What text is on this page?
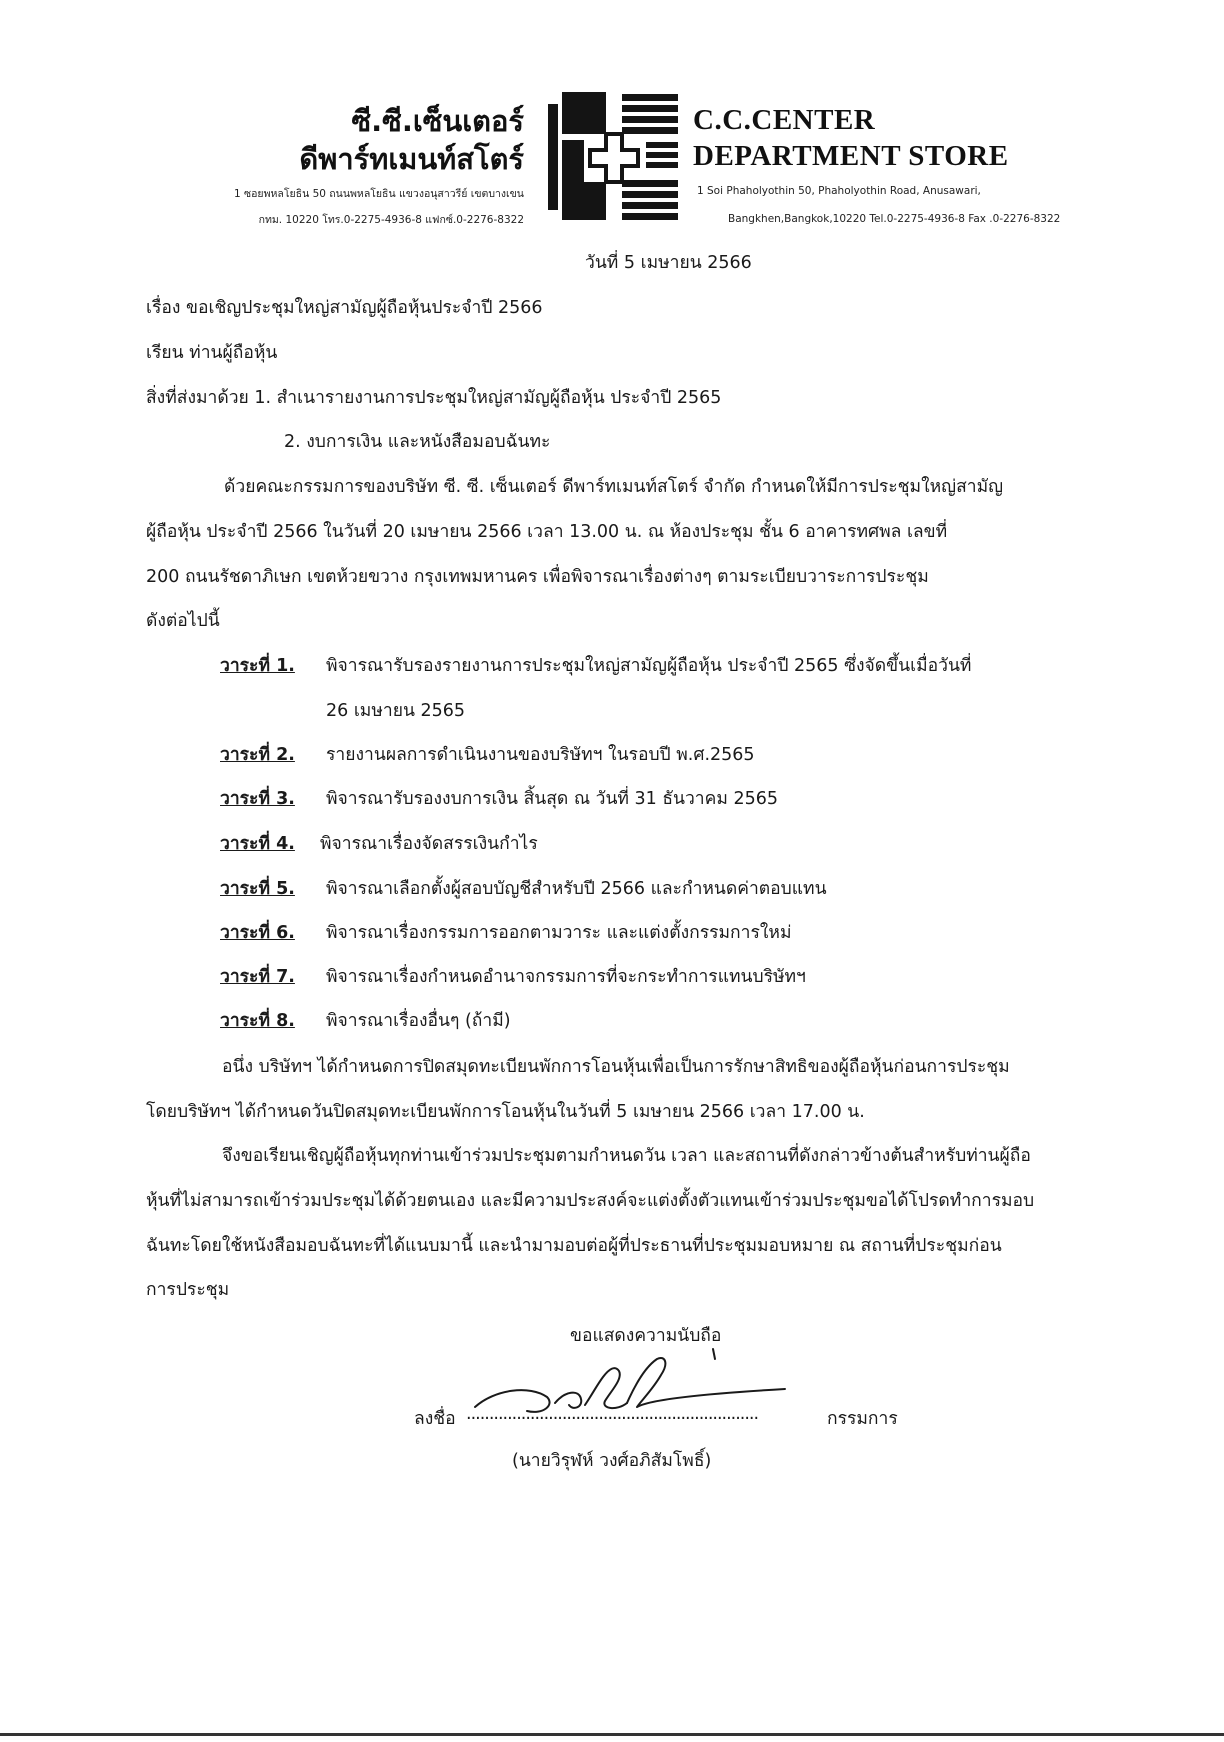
ซี.ซี.เซ็นเตอร์
ดีพาร์ทเมนท์สโตร์
1 ซอยพหลโยธิน 50 ถนนพหลโยธิน แขวงอนุสาวรีย์ เขตบางเขน
กทม. 10220 โทร.0-2275-4936-8 แฟกซ์.0-2276-8322
C.C.CENTER
DEPARTMENT STORE
1 Soi Phaholyothin 50, Phaholyothin Road, Anusawari,
Bangkhen,Bangkok,10220 Tel.0-2275-4936-8 Fax .0-2276-8322
วันที่ 5 เมษายน 2566
เรื่อง ขอเชิญประชุมใหญ่สามัญผู้ถือหุ้นประจำปี 2566
เรียน ท่านผู้ถือหุ้น
สิ่งที่ส่งมาด้วย 1. สำเนารายงานการประชุมใหญ่สามัญผู้ถือหุ้น ประจำปี 2565
2. งบการเงิน และหนังสือมอบฉันทะ
ด้วยคณะกรรมการของบริษัท ซี. ซี. เซ็นเตอร์ ดีพาร์ทเมนท์สโตร์ จำกัด กำหนดให้มีการประชุมใหญ่สามัญ
ผู้ถือหุ้น ประจำปี 2566 ในวันที่ 20 เมษายน 2566 เวลา 13.00 น. ณ ห้องประชุม ชั้น 6 อาคารทศพล เลขที่
200 ถนนรัชดาภิเษก เขตห้วยขวาง กรุงเทพมหานคร เพื่อพิจารณาเรื่องต่างๆ ตามระเบียบวาระการประชุม
ดังต่อไปนี้
วาระที่ 1. พิจารณารับรองรายงานการประชุมใหญ่สามัญผู้ถือหุ้น ประจำปี 2565 ซึ่งจัดขึ้นเมื่อวันที่
26 เมษายน 2565
วาระที่ 2. รายงานผลการดำเนินงานของบริษัทฯ ในรอบปี พ.ศ.2565
วาระที่ 3. พิจารณารับรองงบการเงิน สิ้นสุด ณ วันที่ 31 ธันวาคม 2565
วาระที่ 4. พิจารณาเรื่องจัดสรรเงินกำไร
วาระที่ 5. พิจารณาเลือกตั้งผู้สอบบัญชีสำหรับปี 2566 และกำหนดค่าตอบแทน
วาระที่ 6. พิจารณาเรื่องกรรมการออกตามวาระ และแต่งตั้งกรรมการใหม่
วาระที่ 7. พิจารณาเรื่องกำหนดอำนาจกรรมการที่จะกระทำการแทนบริษัทฯ
วาระที่ 8. พิจารณาเรื่องอื่นๆ (ถ้ามี)
อนึ่ง บริษัทฯ ได้กำหนดการปิดสมุดทะเบียนพักการโอนหุ้นเพื่อเป็นการรักษาสิทธิของผู้ถือหุ้นก่อนการประชุม
โดยบริษัทฯ ได้กำหนดวันปิดสมุดทะเบียนพักการโอนหุ้นในวันที่ 5 เมษายน 2566 เวลา 17.00 น.
จึงขอเรียนเชิญผู้ถือหุ้นทุกท่านเข้าร่วมประชุมตามกำหนดวัน เวลา และสถานที่ดังกล่าวข้างต้นสำหรับท่านผู้ถือ
หุ้นที่ไม่สามารถเข้าร่วมประชุมได้ด้วยตนเอง และมีความประสงค์จะแต่งตั้งตัวแทนเข้าร่วมประชุมขอได้โปรดทำการมอบ
ฉันทะโดยใช้หนังสือมอบฉันทะที่ได้แนบมานี้ และนำมามอบต่อผู้ที่ประธานที่ประชุมมอบหมาย ณ สถานที่ประชุมก่อน
การประชุม
ขอแสดงความนับถือ
ลงชื่อ ................................................................	กรรมการ
(นายวิรุฬห์ วงศ์อภิสัมโพธิ์)
